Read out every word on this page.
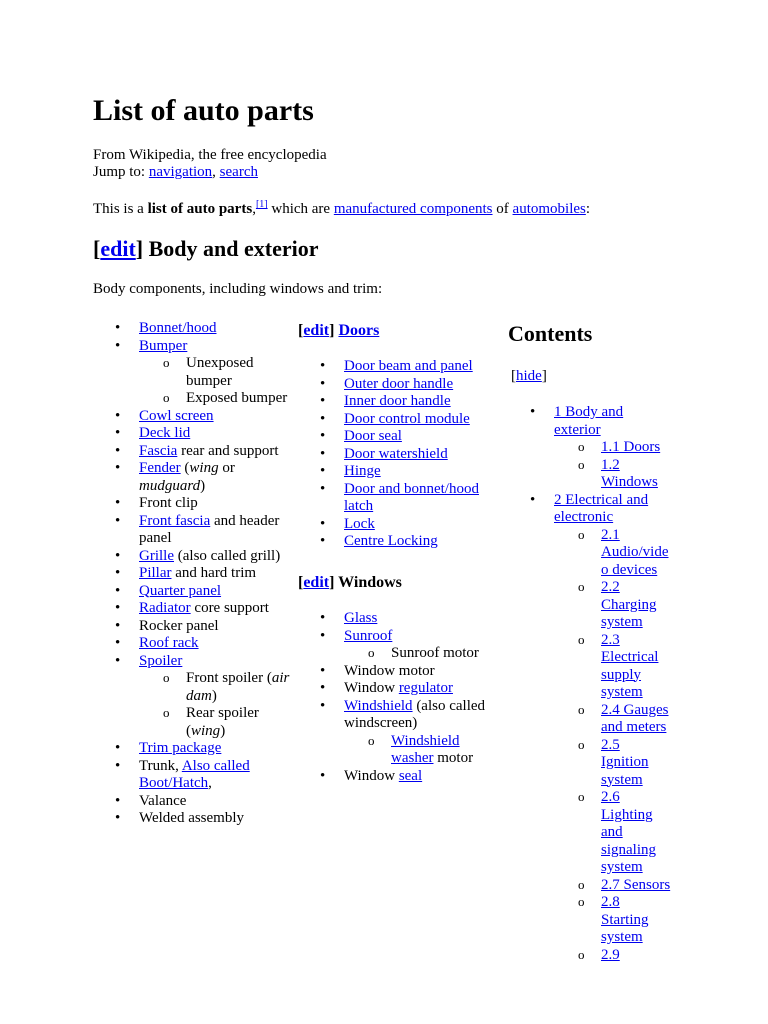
List of auto parts
From Wikipedia, the free encyclopedia
Jump to: navigation, search
This is a list of auto parts,[1] which are manufactured components of automobiles:
[edit] Body and exterior
Body components, including windows and trim:
• Bonnet/hood
• Bumper
o Unexposed
bumper
o Exposed bumper
• Cowl screen
• Deck lid
• Fascia rear and support
• Fender (wing or
mudguard)
• Front clip
• Front fascia and header
panel
• Grille (also called grill)
• Pillar and hard trim
• Quarter panel
• Radiator core support
• Rocker panel
• Roof rack
• Spoiler
o Front spoiler (air
dam)
o Rear spoiler
(wing)
• Trim package
• Trunk, Also called
Boot/Hatch,
• Valance
• Welded assembly
[edit] Doors
• Door beam and panel
• Outer door handle
• Inner door handle
• Door control module
• Door seal
• Door watershield
• Hinge
• Door and bonnet/hood
latch
• Lock
• Centre Locking
[edit] Windows
• Glass
• Sunroof
o Sunroof motor
• Window motor
• Window regulator
• Windshield (also called
windscreen)
o Windshield
washer motor
• Window seal
Contents
[hide]
• 1 Body and
exterior
o 1.1 Doors
o 1.2
Windows
• 2 Electrical and
electronic
o 2.1
Audio/vide
o devices
o 2.2
Charging
system
o 2.3
Electrical
supply
system
o 2.4 Gauges
and meters
o 2.5
Ignition
system
o 2.6
Lighting
and
signaling
system
o 2.7 Sensors
o 2.8
Starting
system
o 2.9
